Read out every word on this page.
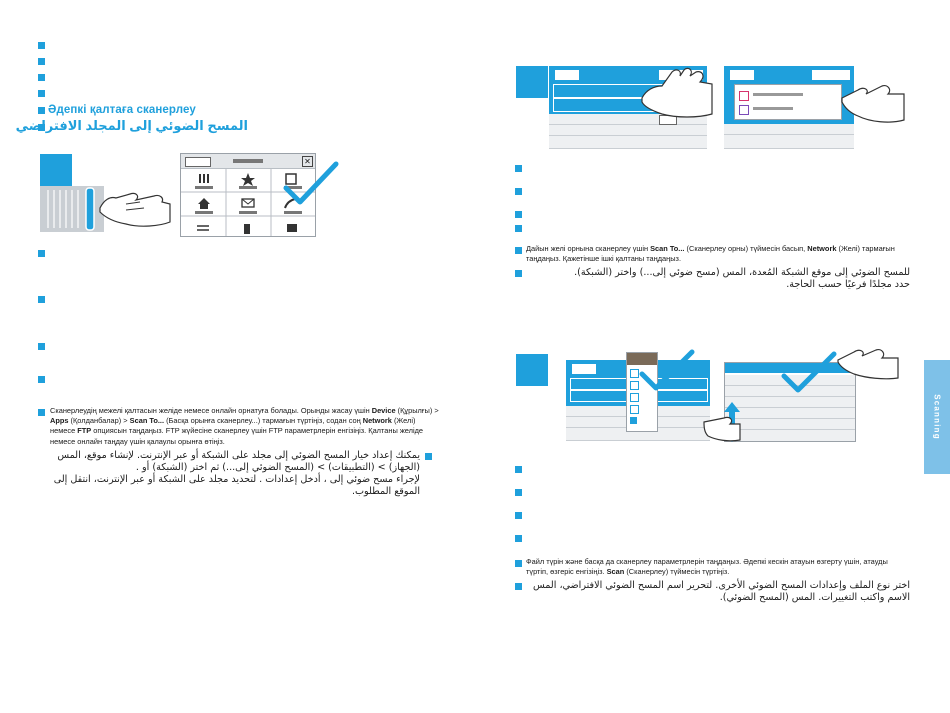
Әдепкі қалтаға сканерлеу
المسح الضوئي إلى المجلد الافتراضي
✕
Сканерлеудің межелі қалтасын желіде немесе онлайн орнатуға болады. Орынды жасау үшін Device (Құрылғы) > Apps (Қолданбалар) > Scan To... (Басқа орынға сканерлеу...) тармағын түртіңіз, содан соң Network (Желі) немесе FTP опциясын таңдаңыз. FTP жүйесіне сканерлеу үшін FTP параметрлерін енгізіңіз. Қалтаны желіде немесе онлайн таңдау үшін қалаулы орынға өтіңіз.
يمكنك إعداد خيار المسح الضوئي إلى مجلد على الشبكة أو عبر الإنترنت. لإنشاء موقع، المس
(الجهاز) > (التطبيقات) > (المسح الضوئي إلى...) ثم اختر (الشبكة) أو .
لإجراء مسح ضوئي إلى ، أدخل إعدادات . لتحديد مجلد على الشبكة أو عبر الإنترنت، انتقل إلى
الموقع المطلوب.
Дайын желі орнына сканерлеу үшін Scan To... (Сканерлеу орны) түймесін басып, Network (Желі) тармағын таңдаңыз. Қажетінше ішкі қалтаны таңдаңыз.
للمسح الضوئي إلى موقع الشبكة المُعدة، المس (مسح ضوئي إلى...) واختر (الشبكة).
حدد مجلدًا فرعيًا حسب الحاجة.
Файл түрін және басқа да сканерлеу параметрлерін таңдаңыз. Әдепкі кескін атауын өзгерту үшін, атауды түртіп, өзгеріс енгізіңіз. Scan (Сканерлеу) түймесін түртіңіз.
اختر نوع الملف وإعدادات المسح الضوئي الأخرى. لتحرير اسم المسح الضوئي الافتراضي، المس
الاسم واكتب التغييرات. المس (المسح الضوئي).
Scanning
